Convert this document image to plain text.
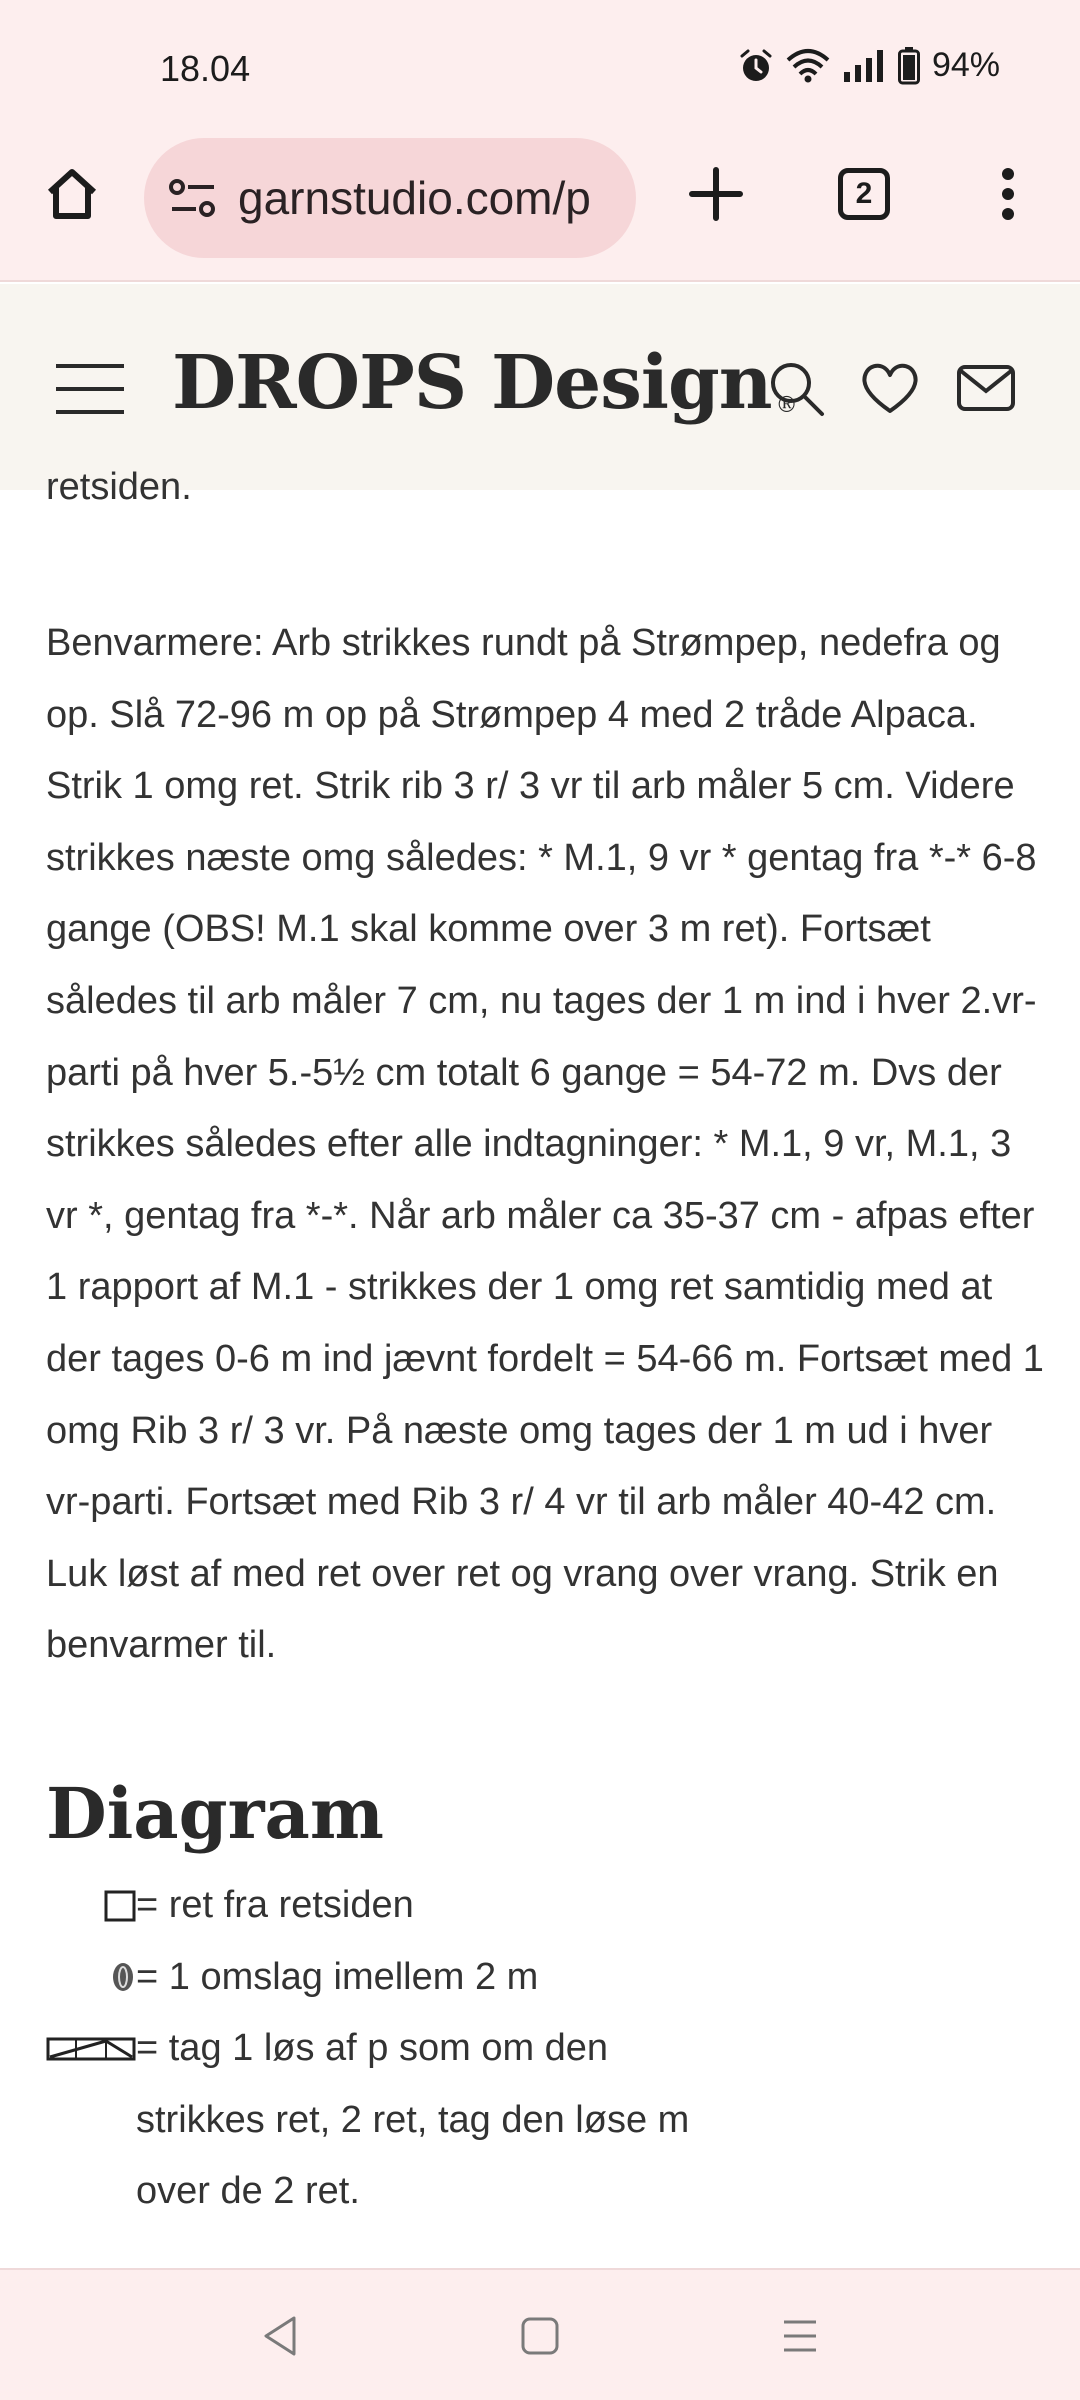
18.04	94%
garnstudio.com/p	2
DROPS Design ®

retsiden.

Benvarmere: Arb strikkes rundt på Strømpep, nedefra og op. Slå 72-96 m op på Strømpep 4 med 2 tråde Alpaca. Strik 1 omg ret. Strik rib 3 r/ 3 vr til arb måler 5 cm. Videre strikkes næste omg således: * M.1, 9 vr * gentag fra *-* 6-8 gange (OBS! M.1 skal komme over 3 m ret). Fortsæt således til arb måler 7 cm, nu tages der 1 m ind i hver 2.vr-parti på hver 5.-5½ cm totalt 6 gange = 54-72 m. Dvs der strikkes således efter alle indtagninger: * M.1, 9 vr, M.1, 3 vr *, gentag fra *-*. Når arb måler ca 35-37 cm - afpas efter 1 rapport af M.1 - strikkes der 1 omg ret samtidig med at der tages 0-6 m ind jævnt fordelt = 54-66 m. Fortsæt med 1 omg Rib 3 r/ 3 vr. På næste omg tages der 1 m ud i hver vr-parti. Fortsæt med Rib 3 r/ 4 vr til arb måler 40-42 cm. Luk løst af med ret over ret og vrang over vrang. Strik en benvarmer til.

Diagram
= ret fra retsiden
= 1 omslag imellem 2 m
= tag 1 løs af p som om den strikkes ret, 2 ret, tag den løse m over de 2 ret.
